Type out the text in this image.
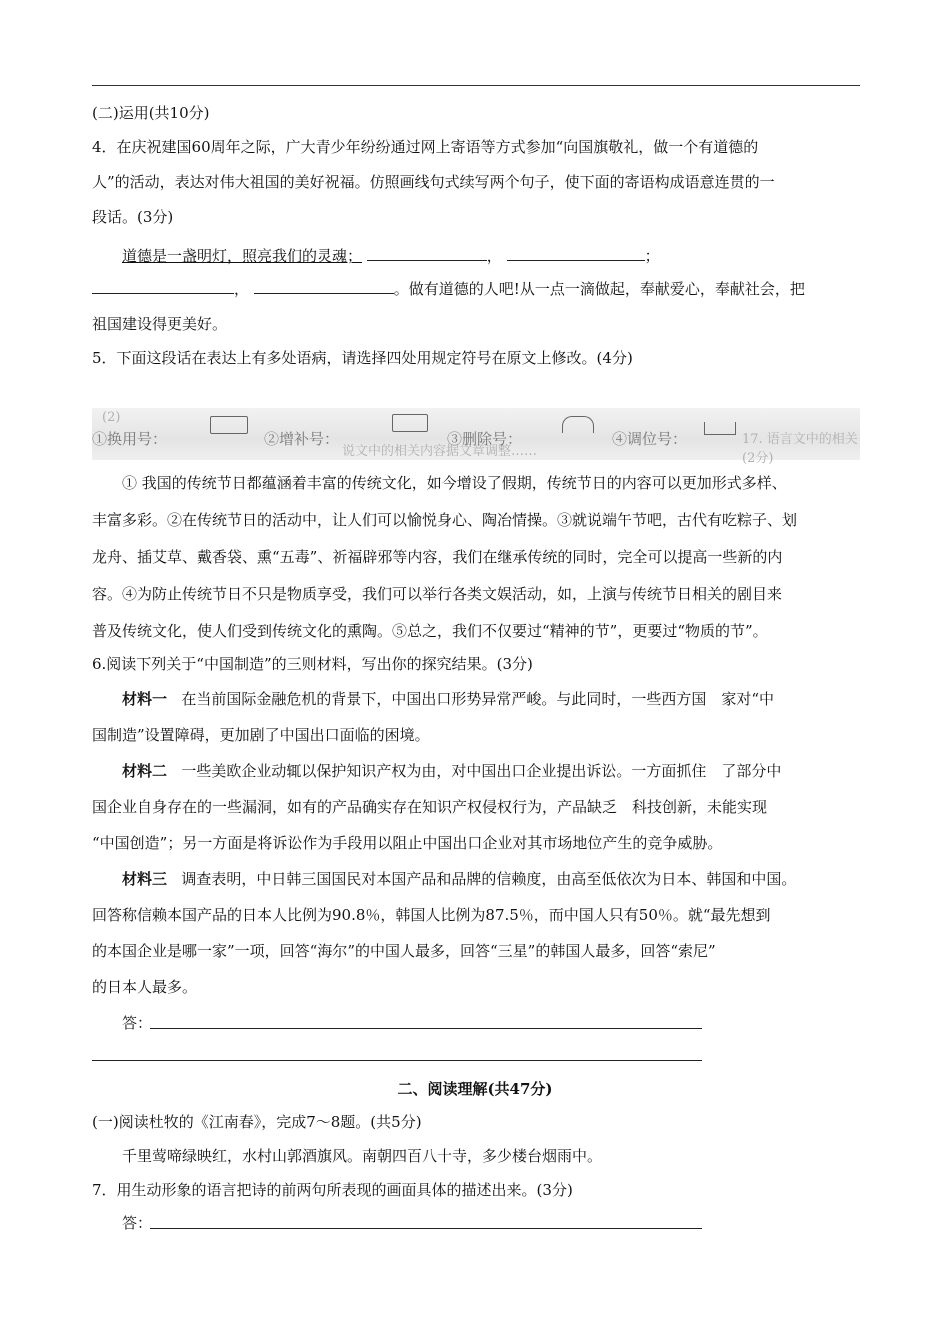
(二)运用(共10分)
4．在庆祝建国60周年之际，广大青少年纷纷通过网上寄语等方式参加“向国旗敬礼，做一个有道德的
人”的活动，表达对伟大祖国的美好祝福。仿照画线句式续写两个句子，使下面的寄语构成语意连贯的一
段话。(3分)
道德是一盏明灯，照亮我们的灵魂；	，	；
，	。做有道德的人吧!从一点一滴做起，奉献爱心，奉献社会，把
祖国建设得更美好。
5．下面这段话在表达上有多处语病，请选择四处用规定符号在原文上修改。(4分)
(2)
①换用号：	②增补号：
说文中的相关内容据文章调整……
③删除号：	④调位号：	17. 语言文中的相关(2分)
① 我国的传统节日都蕴涵着丰富的传统文化，如今增设了假期，传统节日的内容可以更加形式多样、
丰富多彩。②在传统节日的活动中，让人们可以愉悦身心、陶冶情操。③就说端午节吧，古代有吃粽子、划
龙舟、插艾草、戴香袋、熏“五毒”、祈福辟邪等内容，我们在继承传统的同时，完全可以提高一些新的内
容。④为防止传统节日不只是物质享受，我们可以举行各类文娱活动，如，上演与传统节日相关的剧目来
普及传统文化，使人们受到传统文化的熏陶。⑤总之，我们不仅要过“精神的节”，更要过“物质的节”。
6.阅读下列关于“中国制造”的三则材料，写出你的探究结果。(3分)
材料一 在当前国际金融危机的背景下，中国出口形势异常严峻。与此同时，一些西方国　家对“中
国制造”设置障碍，更加剧了中国出口面临的困境。
材料二 一些美欧企业动辄以保护知识产权为由，对中国出口企业提出诉讼。一方面抓住　了部分中
国企业自身存在的一些漏洞，如有的产品确实存在知识产权侵权行为，产品缺乏　科技创新，未能实现
“中国创造”；另一方面是将诉讼作为手段用以阻止中国出口企业对其市场地位产生的竞争威胁。
材料三 调查表明，中日韩三国国民对本国产品和品牌的信赖度，由高至低依次为日本、韩国和中国。
回答称信赖本国产品的日本人比例为90.8％，韩国人比例为87.5％，而中国人只有50％。就“最先想到
的本国企业是哪一家”一项，回答“海尔”的中国人最多，回答“三星”的韩国人最多，回答“索尼”
的日本人最多。
答：
二、阅读理解(共47分)
(一)阅读杜牧的《江南春》，完成7～8题。(共5分)
千里莺啼绿映红，水村山郭酒旗风。南朝四百八十寺，多少楼台烟雨中。
7．用生动形象的语言把诗的前两句所表现的画面具体的描述出来。(3分)
答：
